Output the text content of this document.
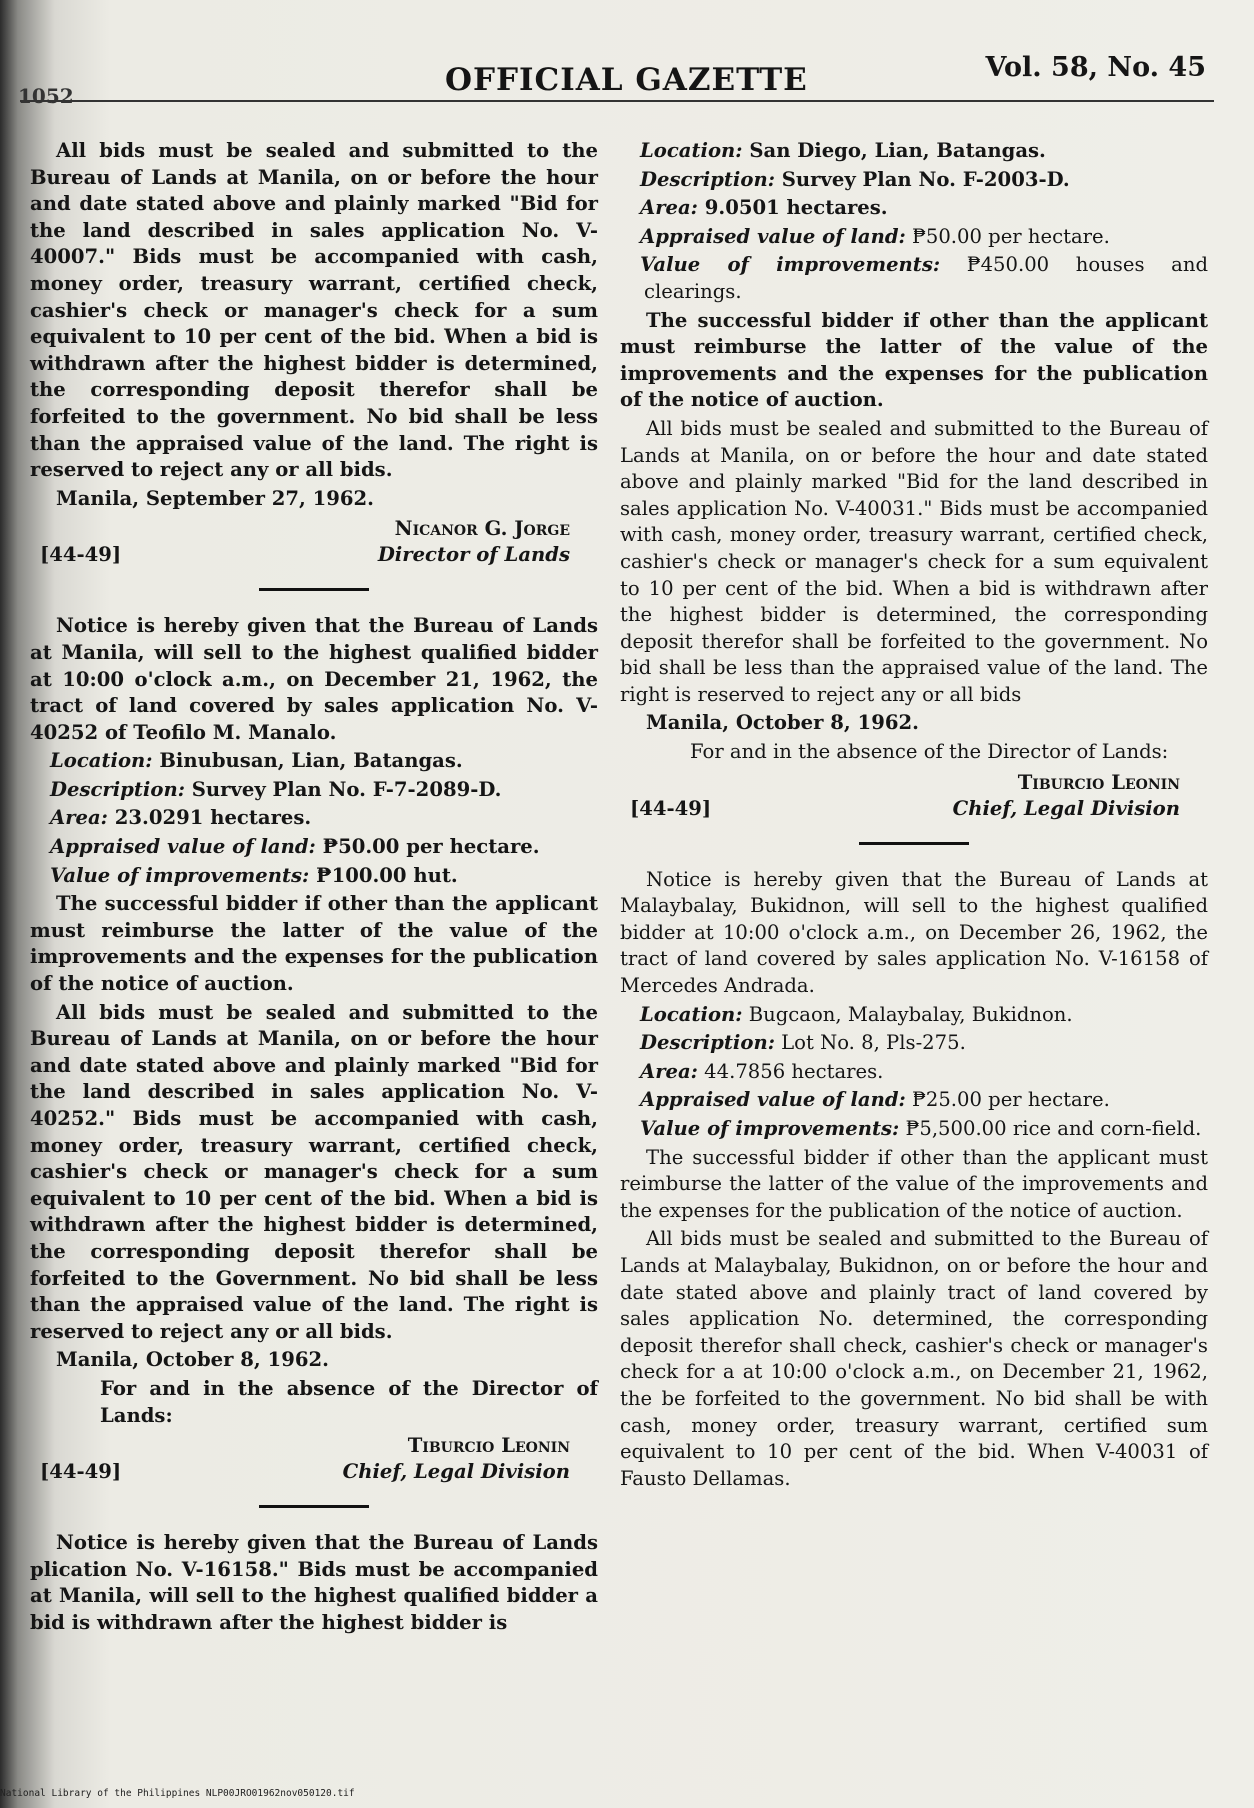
1052	OFFICIAL GAZETTE	Vol. 58, No. 45

All bids must be sealed and submitted to the Bureau of Lands at Manila, on or before the hour and date stated above and plainly marked "Bid for the land described in sales application No. V-40007." Bids must be accompanied with cash, money order, treasury warrant, certified check, cashier's check or manager's check for a sum equivalent to 10 per cent of the bid. When a bid is withdrawn after the highest bidder is determined, the corresponding deposit therefor shall be forfeited to the government. No bid shall be less than the appraised value of the land. The right is reserved to reject any or all bids.

Manila, September 27, 1962.

Nicanor G. Jorge
[44-49]	Director of Lands

Notice is hereby given that the Bureau of Lands at Manila, will sell to the highest qualified bidder at 10:00 o'clock a.m., on December 21, 1962, the tract of land covered by sales application No. V-40252 of Teofilo M. Manalo.

Location: Binubusan, Lian, Batangas.

Description: Survey Plan No. F-7-2089-D.

Area: 23.0291 hectares.

Appraised value of land: ₱50.00 per hectare.

Value of improvements: ₱100.00 hut.

The successful bidder if other than the applicant must reimburse the latter of the value of the improvements and the expenses for the publication of the notice of auction.

All bids must be sealed and submitted to the Bureau of Lands at Manila, on or before the hour and date stated above and plainly marked "Bid for the land described in sales application No. V-40252." Bids must be accompanied with cash, money order, treasury warrant, certified check, cashier's check or manager's check for a sum equivalent to 10 per cent of the bid. When a bid is withdrawn after the highest bidder is determined, the corresponding deposit therefor shall be forfeited to the Government. No bid shall be less than the appraised value of the land. The right is reserved to reject any or all bids.

Manila, October 8, 1962.

For and in the absence of the Director of Lands:

Tiburcio Leonin
[44-49]	Chief, Legal Division

Notice is hereby given that the Bureau of Lands plication No. V-16158." Bids must be accompanied at Manila, will sell to the highest qualified bidder a bid is withdrawn after the highest bidder is

Location: San Diego, Lian, Batangas.

Description: Survey Plan No. F-2003-D.

Area: 9.0501 hectares.

Appraised value of land: ₱50.00 per hectare.

Value of improvements: ₱450.00 houses and clearings.

The successful bidder if other than the applicant must reimburse the latter of the value of the improvements and the expenses for the publication of the notice of auction.

All bids must be sealed and submitted to the Bureau of Lands at Manila, on or before the hour and date stated above and plainly marked "Bid for the land described in sales application No. V-40031." Bids must be accompanied with cash, money order, treasury warrant, certified check, cashier's check or manager's check for a sum equivalent to 10 per cent of the bid. When a bid is withdrawn after the highest bidder is determined, the corresponding deposit therefor shall be forfeited to the government. No bid shall be less than the appraised value of the land. The right is reserved to reject any or all bids

Manila, October 8, 1962.

For and in the absence of the Director of Lands:

Tiburcio Leonin
[44-49]	Chief, Legal Division

Notice is hereby given that the Bureau of Lands at Malaybalay, Bukidnon, will sell to the highest qualified bidder at 10:00 o'clock a.m., on December 26, 1962, the tract of land covered by sales application No. V-16158 of Mercedes Andrada.

Location: Bugcaon, Malaybalay, Bukidnon.

Description: Lot No. 8, Pls-275.

Area: 44.7856 hectares.

Appraised value of land: ₱25.00 per hectare.

Value of improvements: ₱5,500.00 rice and corn-field.

The successful bidder if other than the applicant must reimburse the latter of the value of the improvements and the expenses for the publication of the notice of auction.

All bids must be sealed and submitted to the Bureau of Lands at Malaybalay, Bukidnon, on or before the hour and date stated above and plainly tract of land covered by sales application No. determined, the corresponding deposit therefor shall check, cashier's check or manager's check for a at 10:00 o'clock a.m., on December 21, 1962, the be forfeited to the government. No bid shall be with cash, money order, treasury warrant, certified sum equivalent to 10 per cent of the bid. When V-40031 of Fausto Dellamas.

National Library of the Philippines NLP00JRO01962nov050120.tif
